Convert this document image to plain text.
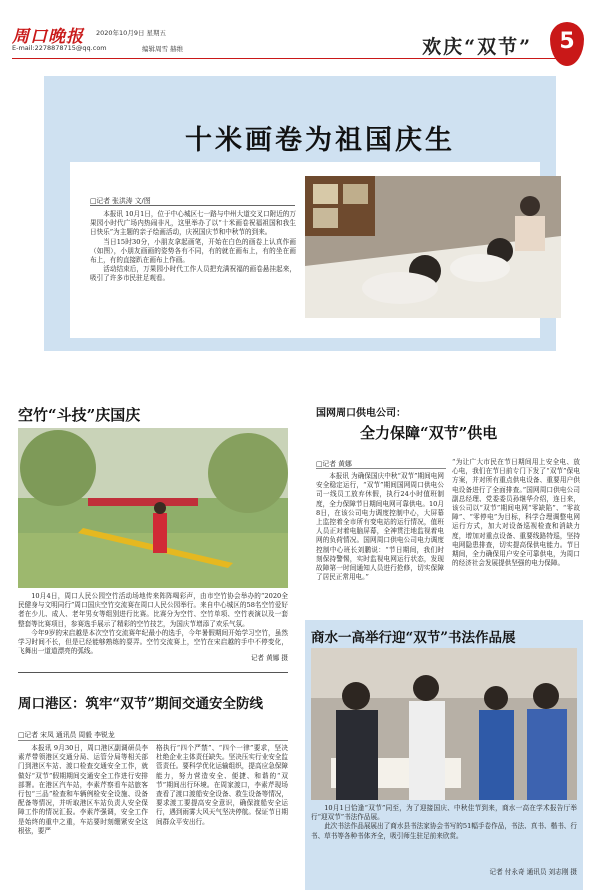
周口晚报 2020年10月9日 星期五
E-mail:2278878715@qq.com	编辑周雪 赫维	欢庆“双节”	5
十米画卷为祖国庆生
□记者 张洪涛 文/图

本报讯 10月1日，位于中心城区七一路与中州大道交叉口附近的万果园小时代广场内热闹非凡，这里举办了以“十米画卷祝福祖国和我生日快乐”为主题的亲子绘画活动，庆祝国庆节和中秋节的到来。

当日15时30分，小朋友拿起画笔，开始在白色的画卷上认真作画（如图），小朋友画画的姿势各有不同，有的就在画布上，有的坐在画布上，有的直接趴在画布上作画。

活动结束后，万果园小时代工作人员把充满祝福的画卷悬挂起来，吸引了许多市民驻足观看。

空竹“斗技”庆国庆

10月4日，周口人民公园空竹活动场地传来阵阵喝彩声，由市空竹协会举办的“2020全民健身与文明同行”周口国庆空竹交流赛在周口人民公园举行。来自中心城区的58名空竹爱好者在少儿、成人、老年男女等组别进行比赛。比赛分为空竹、空竹单项、空竹表演以及一套整套等比赛项目，参赛选手展示了精彩的空竹技艺，为国庆节增添了欢乐气氛。

今年9岁的宋启越是本次空竹交流赛年纪最小的选手，今年暑假期间开始学习空竹，虽然学习时间不长，但是已经能够熟练的耍弄。空竹交流赛上，空竹在宋启越的手中不停变化，飞舞出一道道漂亮的弧线。

记者 黄娜 摄
周口港区：筑牢“双节”期间交通安全防线
□记者 宋凤 通讯员 周毅 李锐龙
本报讯 9月30日，周口港区副调研员李素芹带领港区交通分局、运管分局等相关部门到港区车站、渡口检查交通安全工作，就做好“双节”假期期间交通安全工作进行安排部署。在港区汽车站，李素芹察看车站旅客行包“三品”检查和车辆例检安全设施、设备配备等情况，并听取港区车站负责人安全保障工作的情况汇报。李素芹强调，安全工作是始终的重中之重，车站要时刻绷紧安全这根弦，要严
格执行“四个严禁”、“四个一律”要求，坚决杜绝企业主体责任缺失。坚决压实行业安全监管责任。要科学优化运输组织，提高应急保障能力，努力营造安全、便捷、和谐的“双节”期间出行环境。在周家渡口，李素芹现场查看了渡口渡船安全设备、救生设备等情况，要求渡工要提高安全意识，确保渡船安全运行，遇到雨雾大风天气坚决停航。保证节日期间群众平安出行。
国网周口供电公司：
全力保障“双节”供电
□记者 黄娜
本报讯 为确保国庆中秋“双节”期间电网安全稳定运行，“双节”期间国网周口供电公司一线员工放弃休假，执行24小时值班制度，全力保障节日期间电网可靠供电。10月8日，在该公司电力调度控制中心，大屏幕上监控着全市所有变电站的运行情况，值班人员正对着电脑屏幕，全神贯注地监视着电网的负荷情况。国网周口供电公司电力调度控制中心班长刘鹏说：“节日期间，我们时刻保持警惕，实时监视电网运行状态，发现故障第一时间通知人员进行抢修，切实保障了居民正常用电。”
“为让广大市民在节日期间用上安全电、放心电，我们在节日前专门下发了“双节”保电方案，并对所有重点供电设备、重要用户供电设备进行了全面排查。”国网周口供电公司副总经理、党委委员孙继华介绍，连日来，该公司以“双节”期间电网“零缺陷”、“零故障”、“零停电”为目标，科学合理调整电网运行方式，加大对设备巡视检查和消缺力度，增加对重点设备、重要线路特巡，坚持电网隐患排查，切实提高保供电能力。节日期间，全力确保用户安全可靠供电，为周口的经济社会发展提供坚强的电力保障。
商水一高举行迎“双节”书法作品展

10月1日恰逢“双节”同至，为了迎接国庆、中秋佳节到来，商水一高在学术报告厅举行“迎双节”书法作品展。

此次书法作品展展出了商水县书法家协会书写的51幅手卷作品，书法、真书、楷书、行书、草书等各种书体齐全，吸引师生驻足前来欣赏。

记者 付永奇 通讯员 刘志刚 摄
